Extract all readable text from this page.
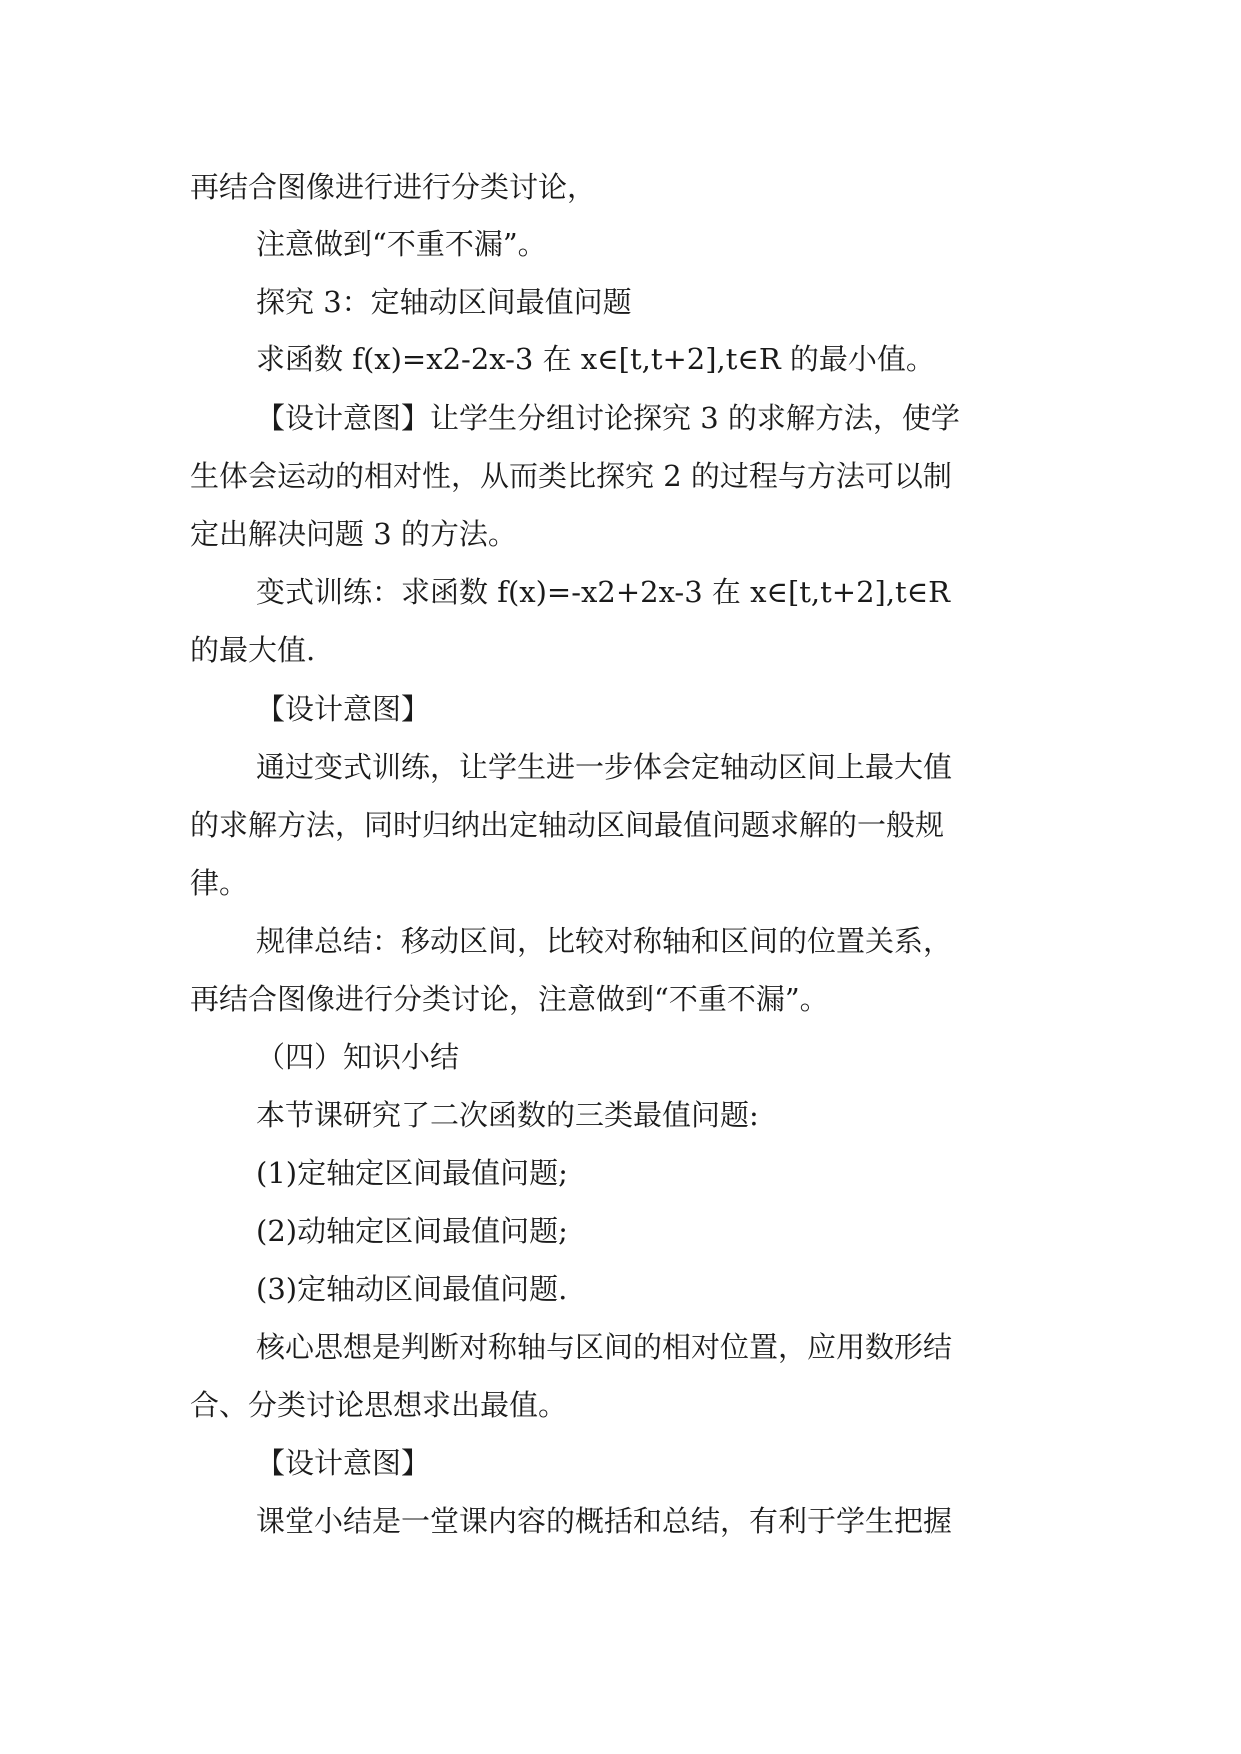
再结合图像进行进行分类讨论，

注意做到“不重不漏”。

探究 3：定轴动区间最值问题

求函数 f(x)=x2-2x-3 在 x∈[t,t+2],t∈R 的最小值。

【设计意图】让学生分组讨论探究 3 的求解方法，使学

生体会运动的相对性，从而类比探究 2 的过程与方法可以制

定出解决问题 3 的方法。

变式训练：求函数 f(x)=-x2+2x-3 在 x∈[t,t+2],t∈R

的最大值.

【设计意图】

通过变式训练，让学生进一步体会定轴动区间上最大值

的求解方法，同时归纳出定轴动区间最值问题求解的一般规

律。

规律总结：移动区间，比较对称轴和区间的位置关系，

再结合图像进行分类讨论，注意做到“不重不漏”。

（四）知识小结

本节课研究了二次函数的三类最值问题:

(1)定轴定区间最值问题;

(2)动轴定区间最值问题;

(3)定轴动区间最值问题.

核心思想是判断对称轴与区间的相对位置，应用数形结

合、分类讨论思想求出最值。

【设计意图】

课堂小结是一堂课内容的概括和总结，有利于学生把握
